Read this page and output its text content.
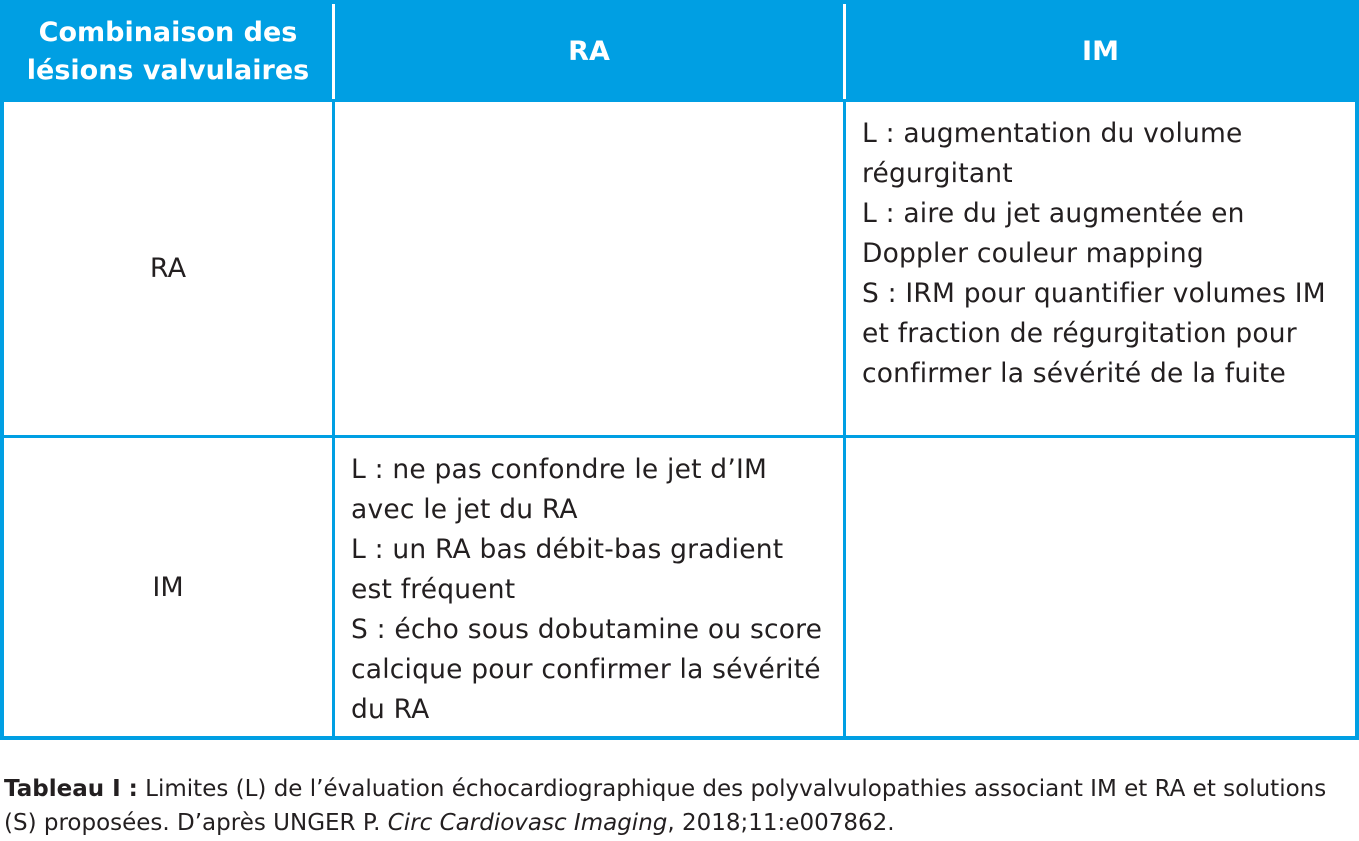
Combinaison des lésions valvulaires
RA	IM
RA

L : augmentation du volume régurgitant

L : aire du jet augmentée en Doppler couleur mapping

S : IRM pour quantifier volumes IM et fraction de régurgitation pour confirmer la sévérité de la fuite

IM

L : ne pas confondre le jet d’IM avec le jet du RA

L : un RA bas débit-bas gradient est fréquent

S : écho sous dobutamine ou score calcique pour confirmer la sévérité du RA

Tableau I : Limites (L) de l’évaluation échocardiographique des polyvalvulopathies associant IM et RA et solutions (S) proposées. D’après UNGER P. Circ Cardiovasc Imaging, 2018;11:e007862.
